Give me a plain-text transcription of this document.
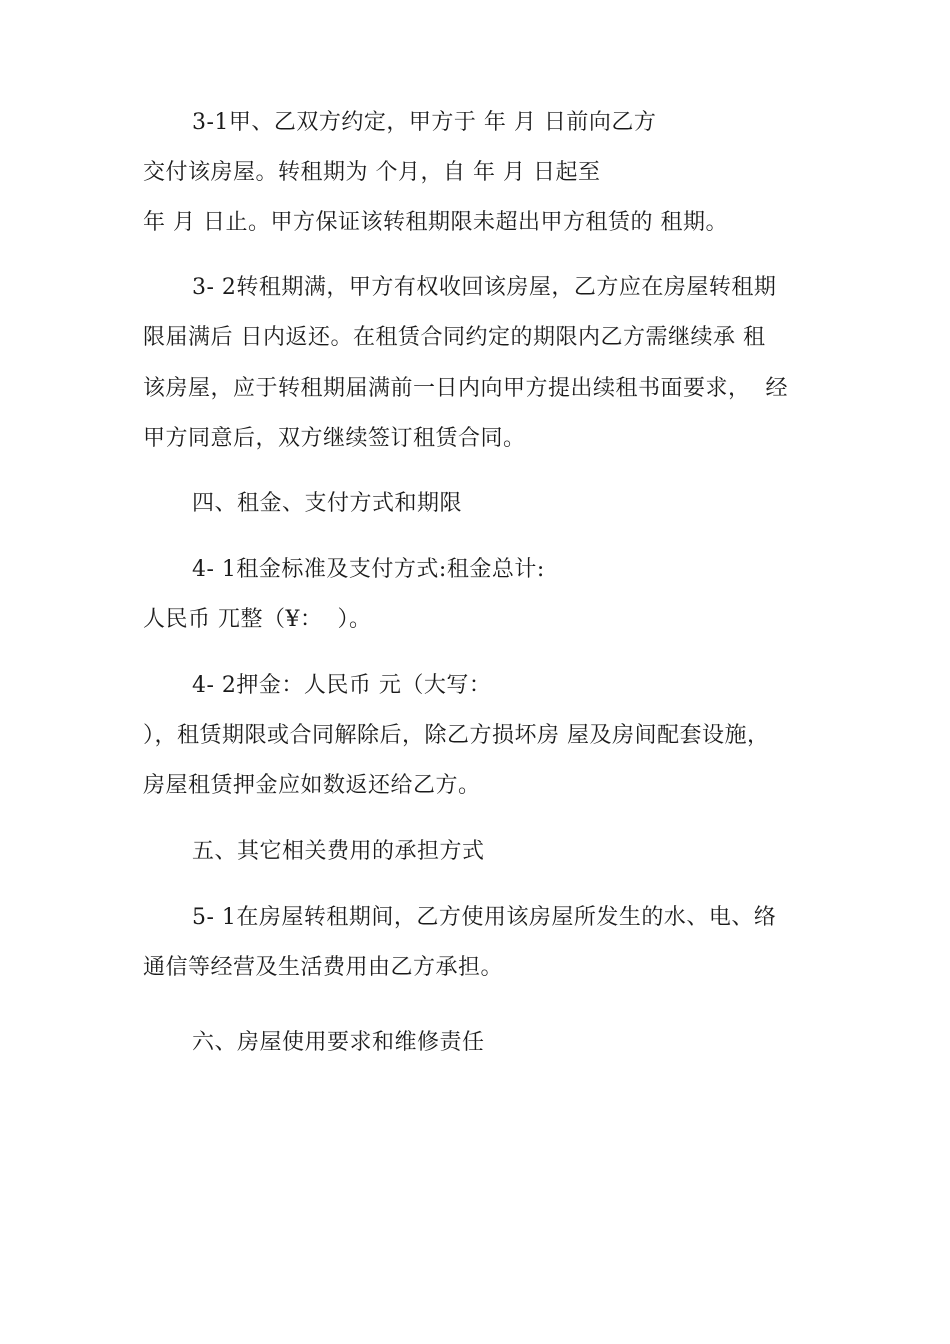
3-1甲、乙双方约定，甲方于 年 月 日前向乙方
交付该房屋。转租期为 个月，自 年 月 日起至
年 月 日止。甲方保证该转租期限未超出甲方租赁的 租期。
3- 2转租期满，甲方有权收回该房屋，乙方应在房屋转租期
限届满后 日内返还。在租赁合同约定的期限内乙方需继续承 租
该房屋，应于转租期届满前一日内向甲方提出续租书面要求，  经
甲方同意后，双方继续签订租赁合同。
四、租金、支付方式和期限
4- 1租金标准及支付方式:租金总计:
人民币 兀整（¥：  ）。
4- 2押金：人民币 元（大写：
），租赁期限或合同解除后，除乙方损坏房 屋及房间配套设施，
房屋租赁押金应如数返还给乙方。
五、其它相关费用的承担方式
5- 1在房屋转租期间，乙方使用该房屋所发生的水、电、络
通信等经营及生活费用由乙方承担。
六、房屋使用要求和维修责任
